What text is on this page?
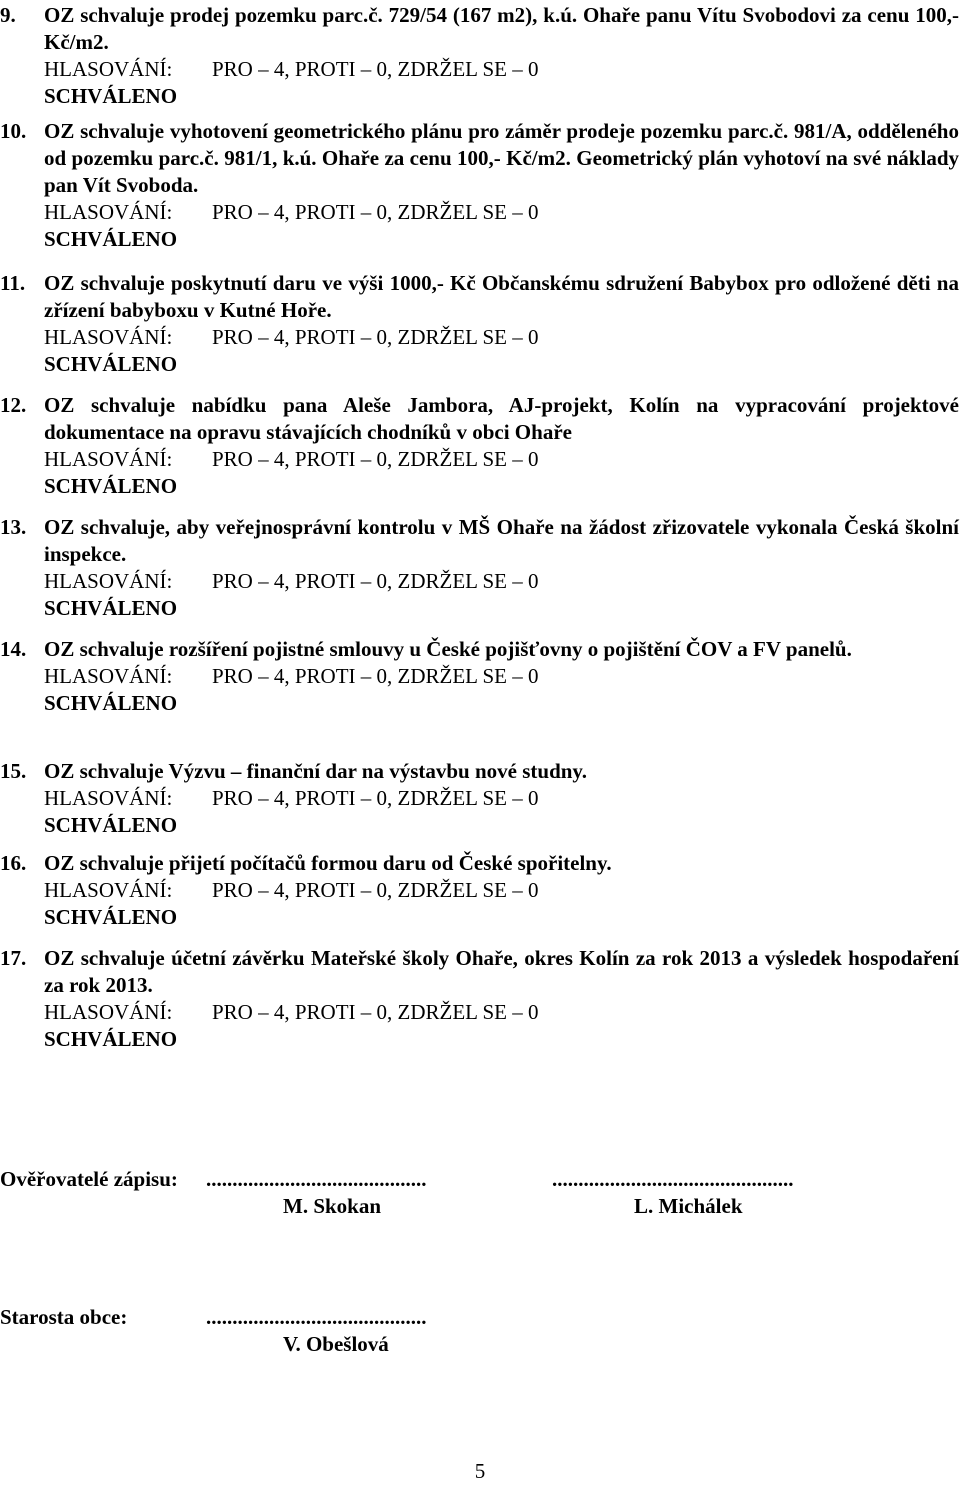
9. OZ schvaluje prodej pozemku parc.č. 729/54 (167 m2), k.ú. Ohaře panu Vítu Svobodovi za cenu 100,- Kč/m2.
HLASOVÁNÍ: PRO – 4, PROTI – 0, ZDRŽEL SE – 0
SCHVÁLENO
10. OZ schvaluje vyhotovení geometrického plánu pro záměr prodeje pozemku parc.č. 981/A, odděleného od pozemku parc.č. 981/1, k.ú. Ohaře za cenu 100,- Kč/m2. Geometrický plán vyhotoví na své náklady pan Vít Svoboda.
HLASOVÁNÍ: PRO – 4, PROTI – 0, ZDRŽEL SE – 0
SCHVÁLENO
11. OZ schvaluje poskytnutí daru ve výši 1000,- Kč Občanskému sdružení Babybox pro odložené děti na zřízení babyboxu v Kutné Hoře.
HLASOVÁNÍ: PRO – 4, PROTI – 0, ZDRŽEL SE – 0
SCHVÁLENO
12. OZ schvaluje nabídku pana Aleše Jambora, AJ-projekt, Kolín na vypracování projektové dokumentace na opravu stávajících chodníků v obci Ohaře
HLASOVÁNÍ: PRO – 4, PROTI – 0, ZDRŽEL SE – 0
SCHVÁLENO
13. OZ schvaluje, aby veřejnosprávní kontrolu v MŠ Ohaře na žádost zřizovatele vykonala Česká školní inspekce.
HLASOVÁNÍ: PRO – 4, PROTI – 0, ZDRŽEL SE – 0
SCHVÁLENO
14. OZ schvaluje rozšíření pojistné smlouvy u České pojišťovny o pojištění ČOV a FV panelů.
HLASOVÁNÍ: PRO – 4, PROTI – 0, ZDRŽEL SE – 0
SCHVÁLENO
15. OZ schvaluje Výzvu – finanční dar na výstavbu nové studny.
HLASOVÁNÍ: PRO – 4, PROTI – 0, ZDRŽEL SE – 0
SCHVÁLENO
16. OZ schvaluje přijetí počítačů formou daru od České spořitelny.
HLASOVÁNÍ: PRO – 4, PROTI – 0, ZDRŽEL SE – 0
SCHVÁLENO
17. OZ schvaluje účetní závěrku Mateřské školy Ohaře, okres Kolín za rok 2013 a výsledek hospodaření za rok 2013.
HLASOVÁNÍ: PRO – 4, PROTI – 0, ZDRŽEL SE – 0
SCHVÁLENO
Ověřovatelé zápisu: ..........................................	..............................................
M. Skokan	L. Michálek
Starosta obce:	..........................................
V. Obešlová
5
